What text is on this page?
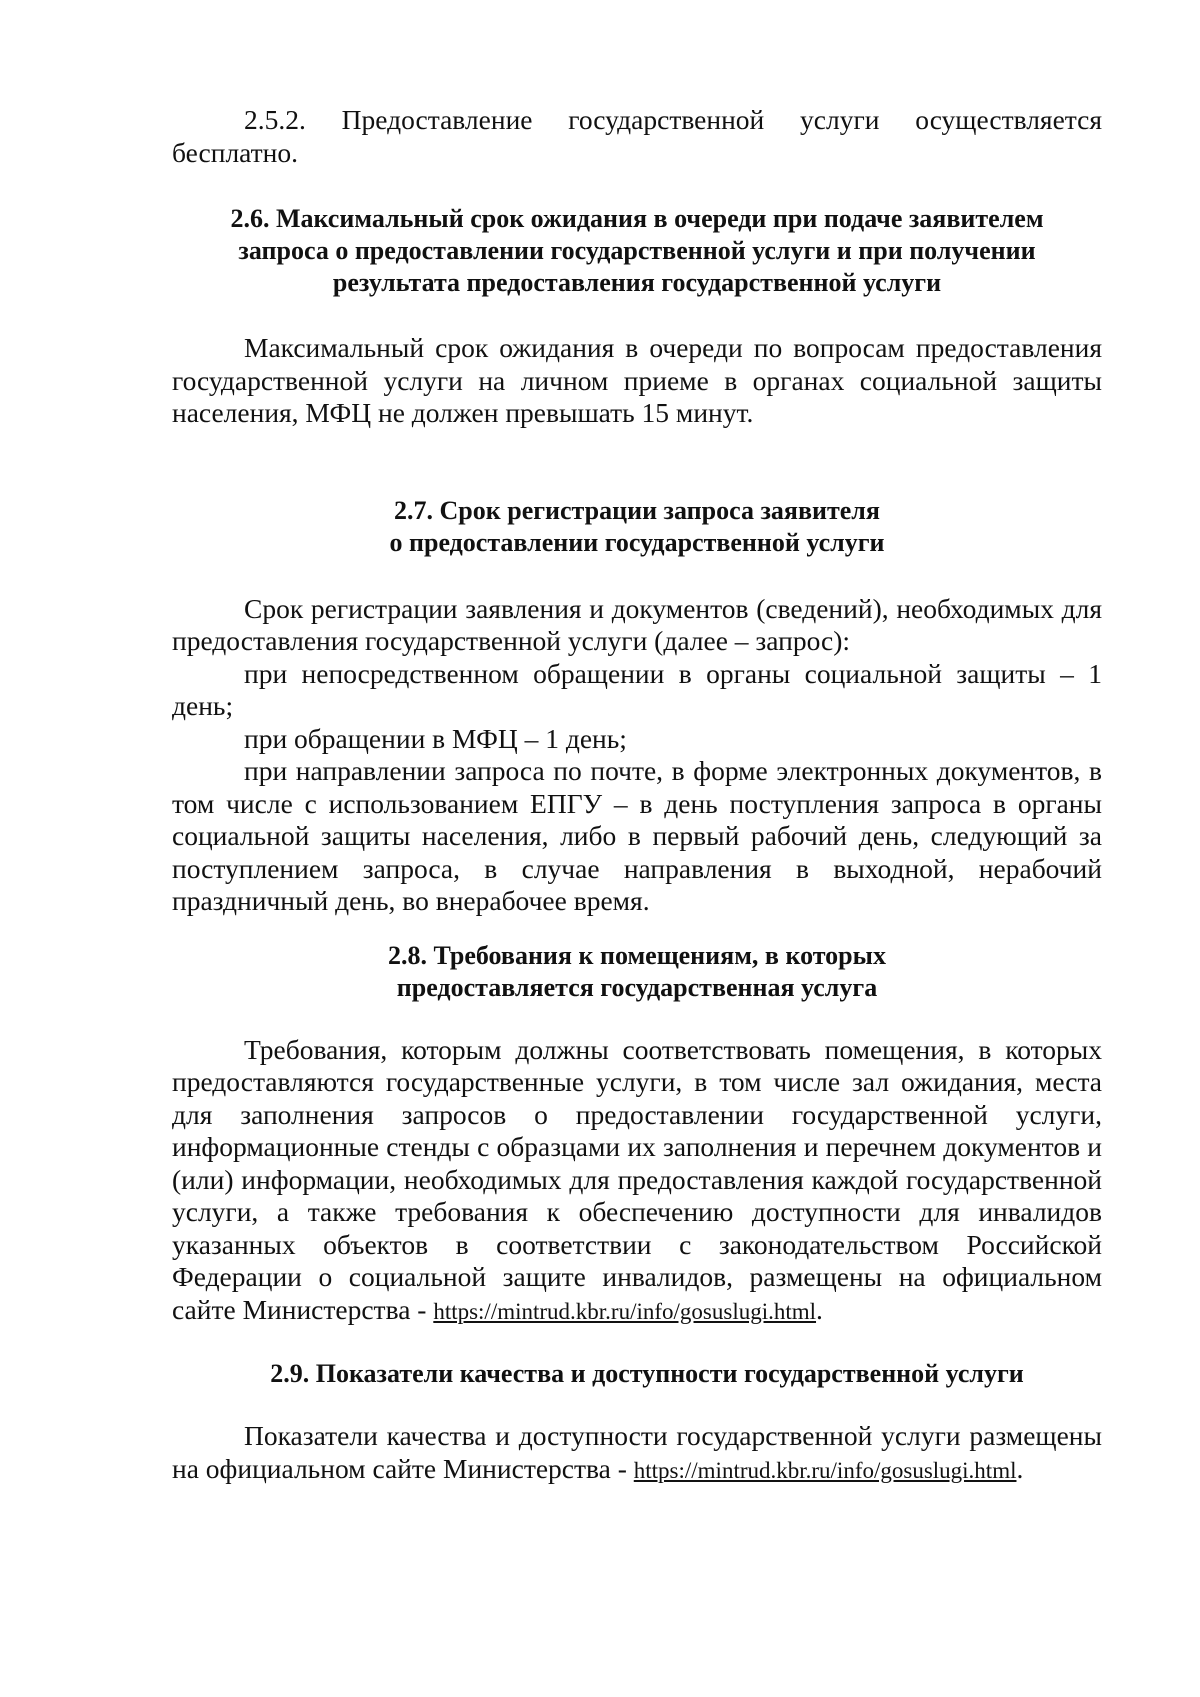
2.5.2. Предоставление государственной услуги осуществляется бесплатно.

2.6. Максимальный срок ожидания в очереди при подаче заявителем

запроса о предоставлении государственной услуги и при получении

результата предоставления государственной услуги

Максимальный срок ожидания в очереди по вопросам предоставления государственной услуги на личном приеме в органах социальной защиты населения, МФЦ не должен превышать 15 минут.

2.7. Срок регистрации запроса заявителя

о предоставлении государственной услуги

Срок регистрации заявления и документов (сведений), необходимых для предоставления государственной услуги (далее – запрос):

при непосредственном обращении в органы социальной защиты – 1 день;

при обращении в МФЦ – 1 день;

при направлении запроса по почте, в форме электронных документов, в том числе с использованием ЕПГУ – в день поступления запроса в органы социальной защиты населения, либо в первый рабочий день, следующий за поступлением запроса, в случае направления в выходной, нерабочий праздничный день, во внерабочее время.

2.8. Требования к помещениям, в которых

предоставляется государственная услуга

Требования, которым должны соответствовать помещения, в которых предоставляются государственные услуги, в том числе зал ожидания, места для заполнения запросов о предоставлении государственной услуги, информационные стенды с образцами их заполнения и перечнем документов и (или) информации, необходимых для предоставления каждой государственной услуги, а также требования к обеспечению доступности для инвалидов указанных объектов в соответствии с законодательством Российской Федерации о социальной защите инвалидов, размещены на официальном сайте Министерства - https://mintrud.kbr.ru/info/gosuslugi.html.

2.9. Показатели качества и доступности государственной услуги

Показатели качества и доступности государственной услуги размещены на официальном сайте Министерства - https://mintrud.kbr.ru/info/gosuslugi.html.
